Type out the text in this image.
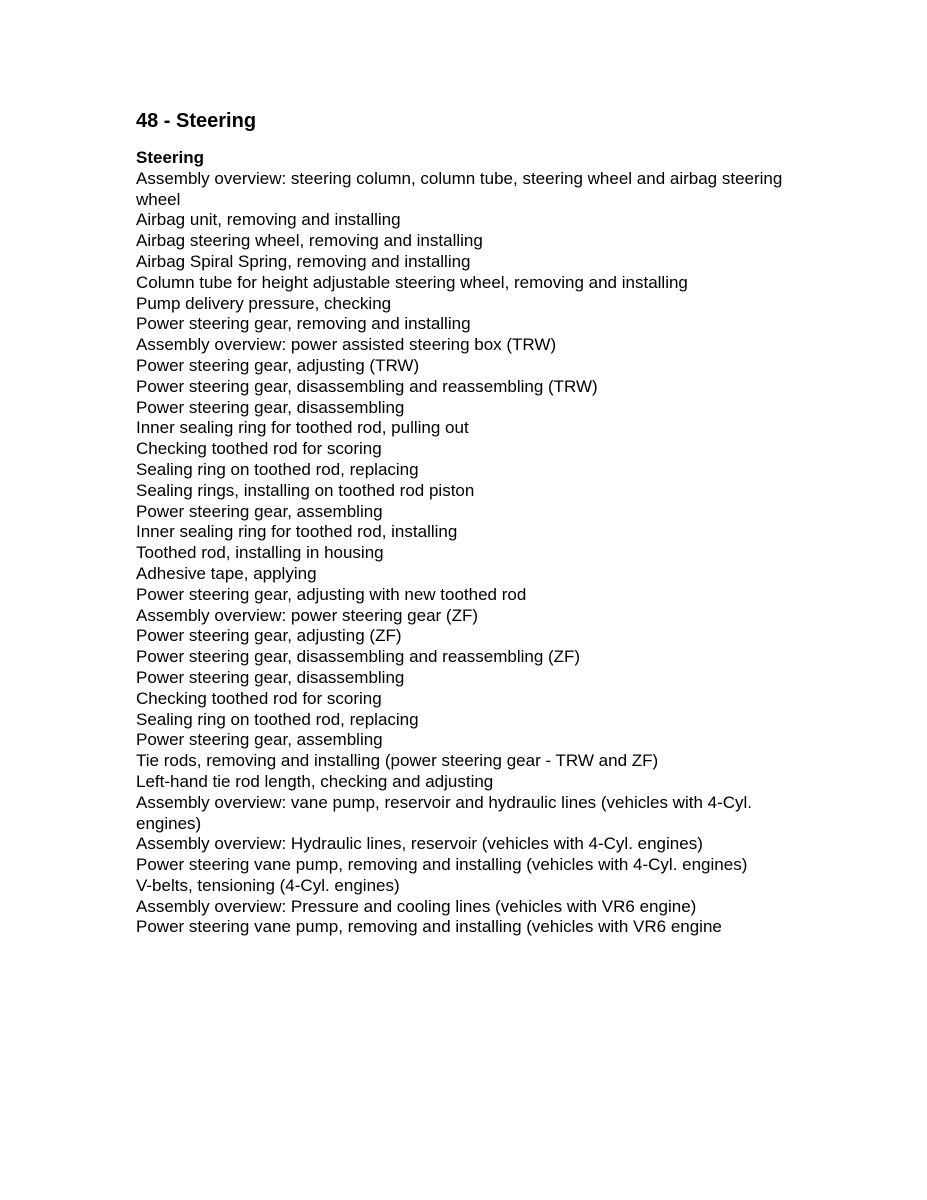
48 - Steering
Steering
Assembly overview: steering column, column tube, steering wheel and airbag steering wheel
Airbag unit, removing and installing
Airbag steering wheel, removing and installing
Airbag Spiral Spring, removing and installing
Column tube for height adjustable steering wheel, removing and installing
Pump delivery pressure, checking
Power steering gear, removing and installing
Assembly overview: power assisted steering box (TRW)
Power steering gear, adjusting (TRW)
Power steering gear, disassembling and reassembling (TRW)
Power steering gear, disassembling
Inner sealing ring for toothed rod, pulling out
Checking toothed rod for scoring
Sealing ring on toothed rod, replacing
Sealing rings, installing on toothed rod piston
Power steering gear, assembling
Inner sealing ring for toothed rod, installing
Toothed rod, installing in housing
Adhesive tape, applying
Power steering gear, adjusting with new toothed rod
Assembly overview: power steering gear (ZF)
Power steering gear, adjusting (ZF)
Power steering gear, disassembling and reassembling (ZF)
Power steering gear, disassembling
Checking toothed rod for scoring
Sealing ring on toothed rod, replacing
Power steering gear, assembling
Tie rods, removing and installing (power steering gear - TRW and ZF)
Left-hand tie rod length, checking and adjusting
Assembly overview: vane pump, reservoir and hydraulic lines (vehicles with 4-Cyl. engines)
Assembly overview: Hydraulic lines, reservoir (vehicles with 4-Cyl. engines)
Power steering vane pump, removing and installing (vehicles with 4-Cyl. engines)
V-belts, tensioning (4-Cyl. engines)
Assembly overview: Pressure and cooling lines (vehicles with VR6 engine)
Power steering vane pump, removing and installing (vehicles with VR6 engine
